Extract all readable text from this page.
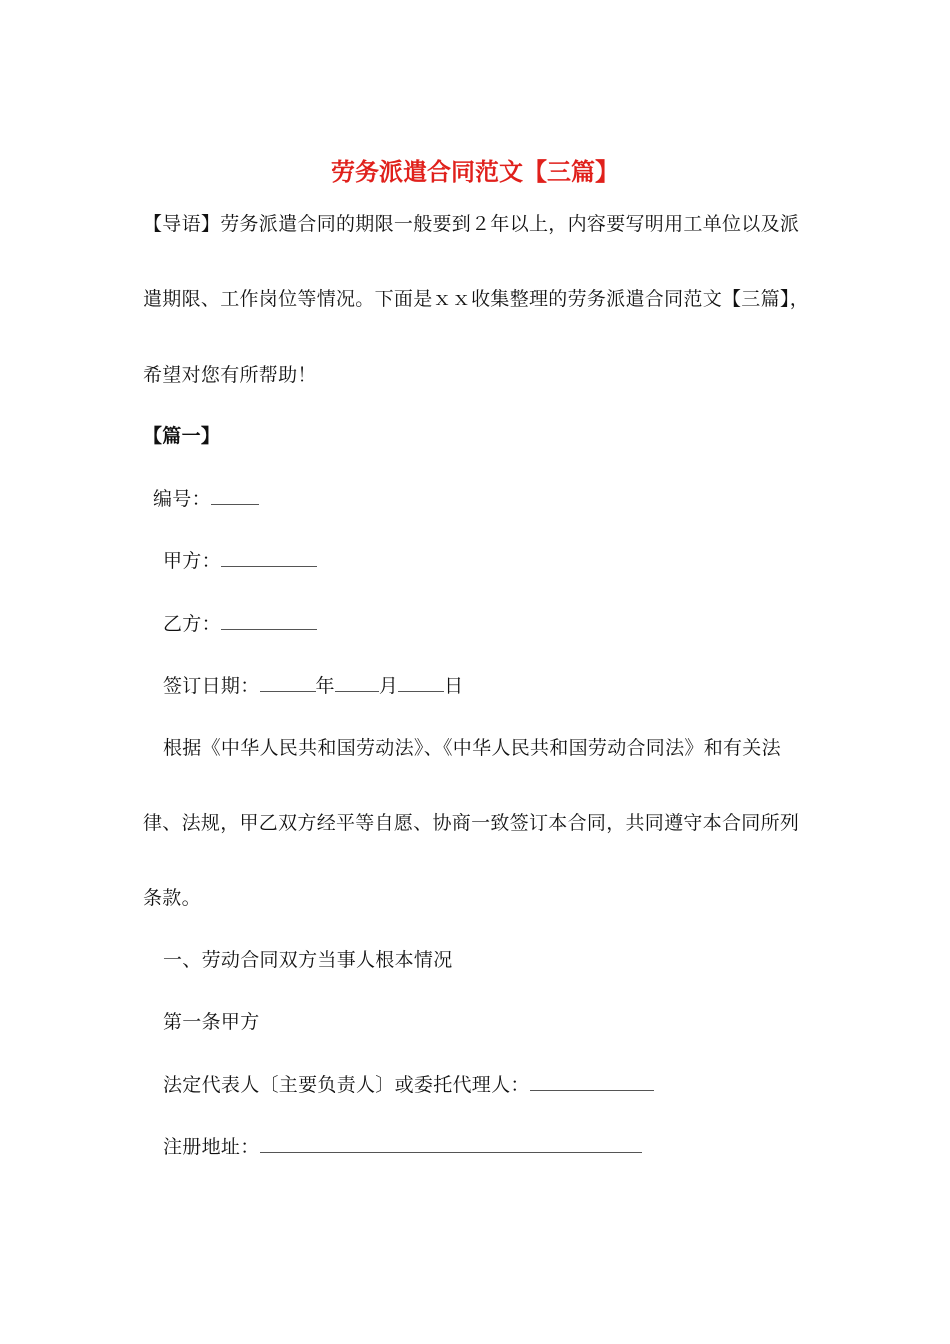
劳务派遣合同范文【三篇】
【导语】劳务派遣合同的期限一般要到２年以上，内容要写明用工单位以及派
遣期限、工作岗位等情况。下面是ｘｘ收集整理的劳务派遣合同范文【三篇】，
希望对您有所帮助！
【篇一】
编号：
甲方：
乙方：
签订日期：	年 月 日
根据《中华人民共和国劳动法》、《中华人民共和国劳动合同法》和有关法
律、法规，甲乙双方经平等自愿、协商一致签订本合同，共同遵守本合同所列
条款。
一、劳动合同双方当事人根本情况
第一条甲方
法定代表人〔主要负责人〕或委托代理人：
注册地址：
